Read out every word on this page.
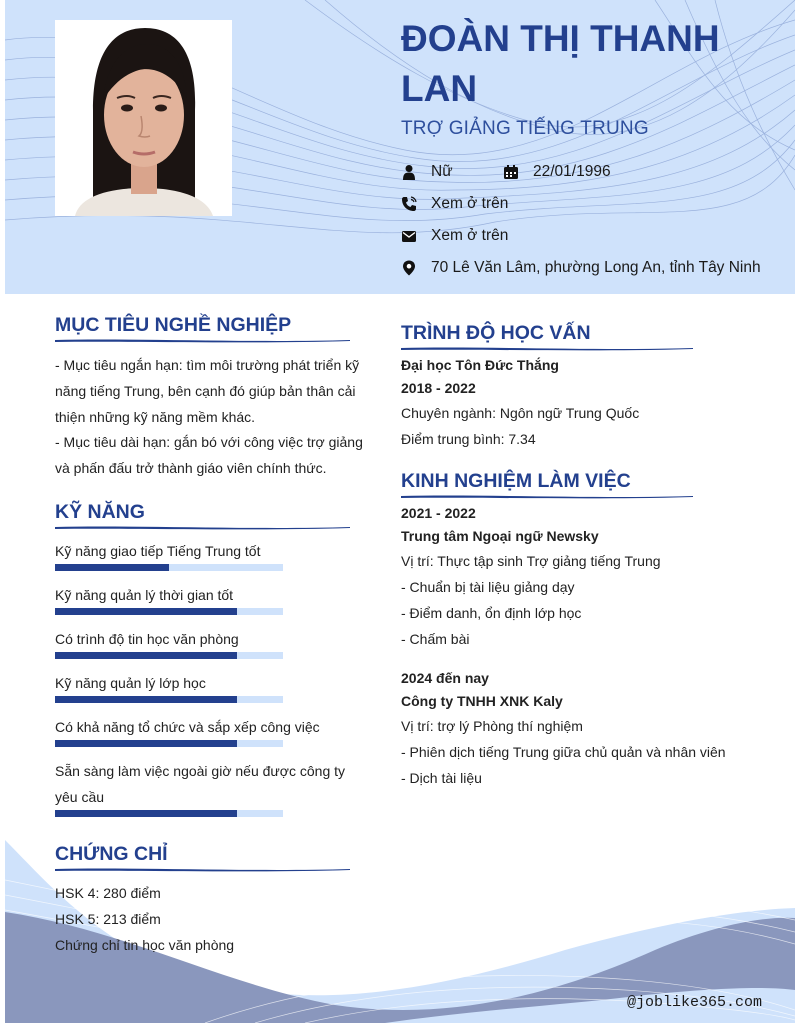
ĐOÀN THỊ THANH LAN
TRỢ GIẢNG TIẾNG TRUNG
Nữ	22/01/1996
Xem ở trên
Xem ở trên
70 Lê Văn Lâm, phường Long An, tỉnh Tây Ninh
MỤC TIÊU NGHỀ NGHIỆP
- Mục tiêu ngắn hạn: tìm môi trường phát triển kỹ năng tiếng Trung, bên cạnh đó giúp bản thân cải thiện những kỹ năng mềm khác.
- Mục tiêu dài hạn: gắn bó với công việc trợ giảng và phấn đấu trở thành giáo viên chính thức.
KỸ NĂNG
CHỨNG CHỈ
HSK 4: 280 điểm
HSK 5: 213 điểm
Chứng chỉ tin học văn phòng
TRÌNH ĐỘ HỌC VẤN
Đại học Tôn Đức Thắng
2018 - 2022
Chuyên ngành: Ngôn ngữ Trung Quốc
Điểm trung bình: 7.34
KINH NGHIỆM LÀM VIỆC
2021 - 2022
Trung tâm Ngoại ngữ Newsky
Vị trí: Thực tập sinh Trợ giảng tiếng Trung
- Chuẩn bị tài liệu giảng dạy
- Điểm danh, ổn định lớp học
- Chấm bài
2024 đến nay
Công ty TNHH XNK Kaly
Vị trí: trợ lý Phòng thí nghiệm
- Phiên dịch tiếng Trung giữa chủ quản và nhân viên
- Dịch tài liệu
@joblike365.com
Kỹ năng giao tiếp Tiếng Trung tốt
Kỹ năng quản lý thời gian tốt
Có trình độ tin học văn phòng
Kỹ năng quản lý lớp học
Có khả năng tổ chức và sắp xếp công việc
Sẵn sàng làm việc ngoài giờ nếu được công ty yêu cầu
